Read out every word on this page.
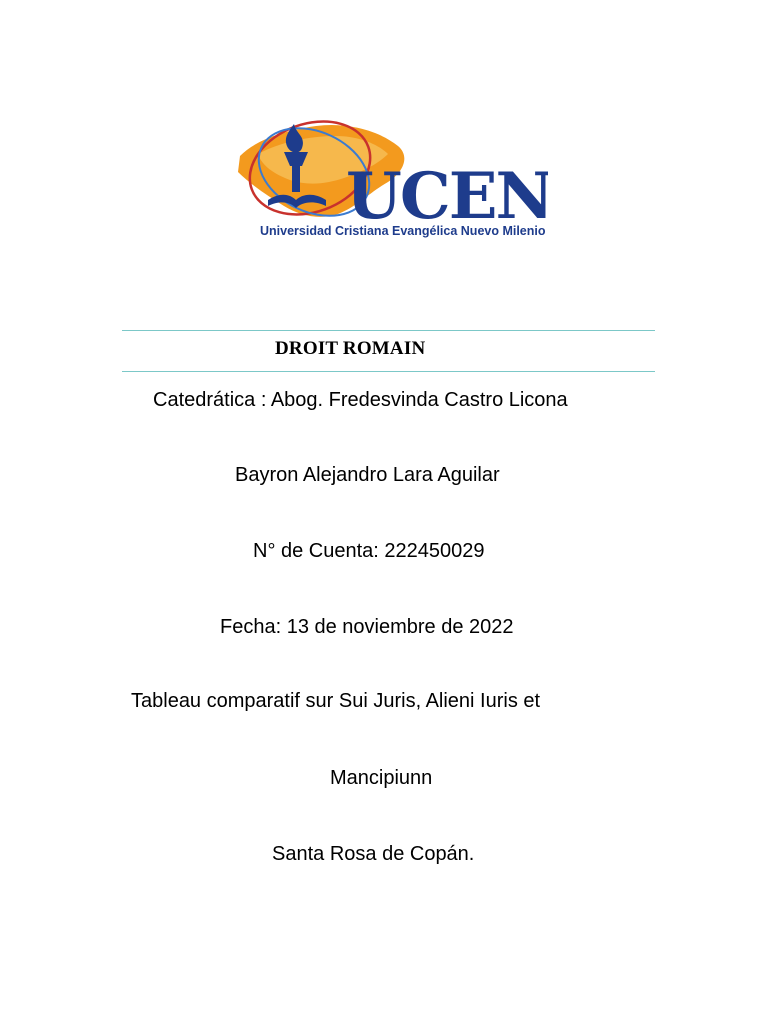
UCEN
Universidad Cristiana Evangélica Nuevo Milenio
DROIT ROMAIN
Catedrática : Abog. Fredesvinda Castro Licona
Bayron Alejandro Lara Aguilar
N° de Cuenta: 222450029
Fecha: 13 de noviembre de 2022
Tableau comparatif sur Sui Juris, Alieni Iuris et
Mancipiunn
Santa Rosa de Copán.
